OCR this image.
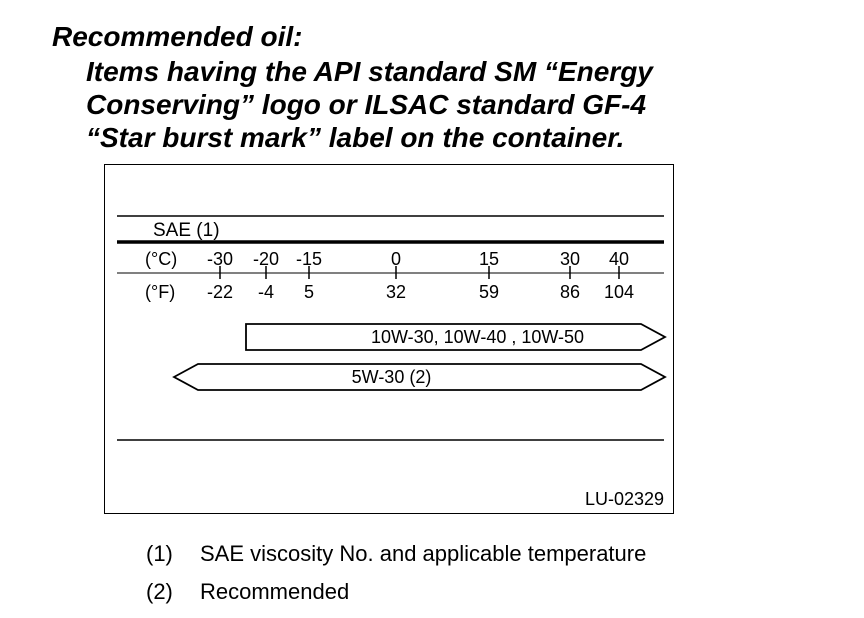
Recommended oil:

Items having the API standard SM “Energy

Conserving” logo or ILSAC standard GF-4

“Star burst mark” label on the container.

SAE (1)
(°C)
(°F)
-30
-22
-20
-4
-15
5
0
32
15
59
30
86
40
104
10W-30, 10W-40 , 10W-50
5W-30 (2)
LU-02329
(1) SAE viscosity No. and applicable temperature
(2) Recommended
